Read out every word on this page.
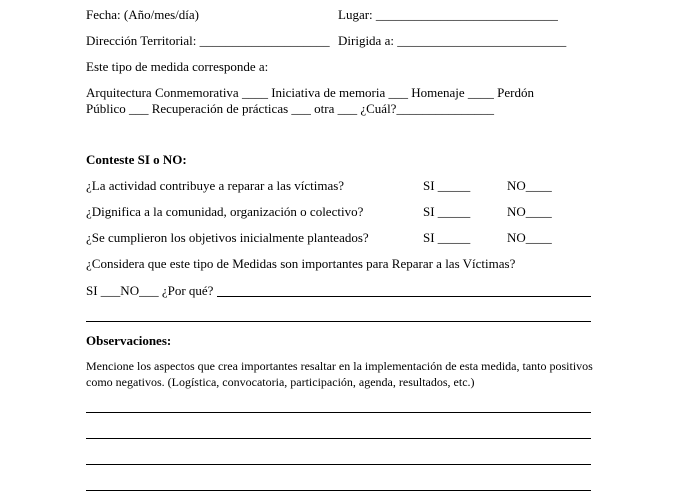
Fecha: (Año/mes/día)	Lugar: ____________________________
Dirección Territorial: ____________________ Dirigida a: __________________________
Este tipo de medida corresponde a:
Arquitectura Conmemorativa ____ Iniciativa de memoria ___ Homenaje ____ Perdón
Público ___ Recuperación de prácticas ___ otra ___ ¿Cuál?_______________
Conteste SI o NO:
¿La actividad contribuye a reparar a las víctimas?	SI _____	NO____
¿Dignifica a la comunidad, organización o colectivo?	SI _____	NO____
¿Se cumplieron los objetivos inicialmente planteados?	SI _____	NO____
¿Considera que este tipo de Medidas son importantes para Reparar a las Víctimas?
SI ___NO___ ¿Por qué?
Observaciones:
Mencione los aspectos que crea importantes resaltar en la implementación de esta medida, tanto positivos
como negativos. (Logística, convocatoria, participación, agenda, resultados, etc.)
